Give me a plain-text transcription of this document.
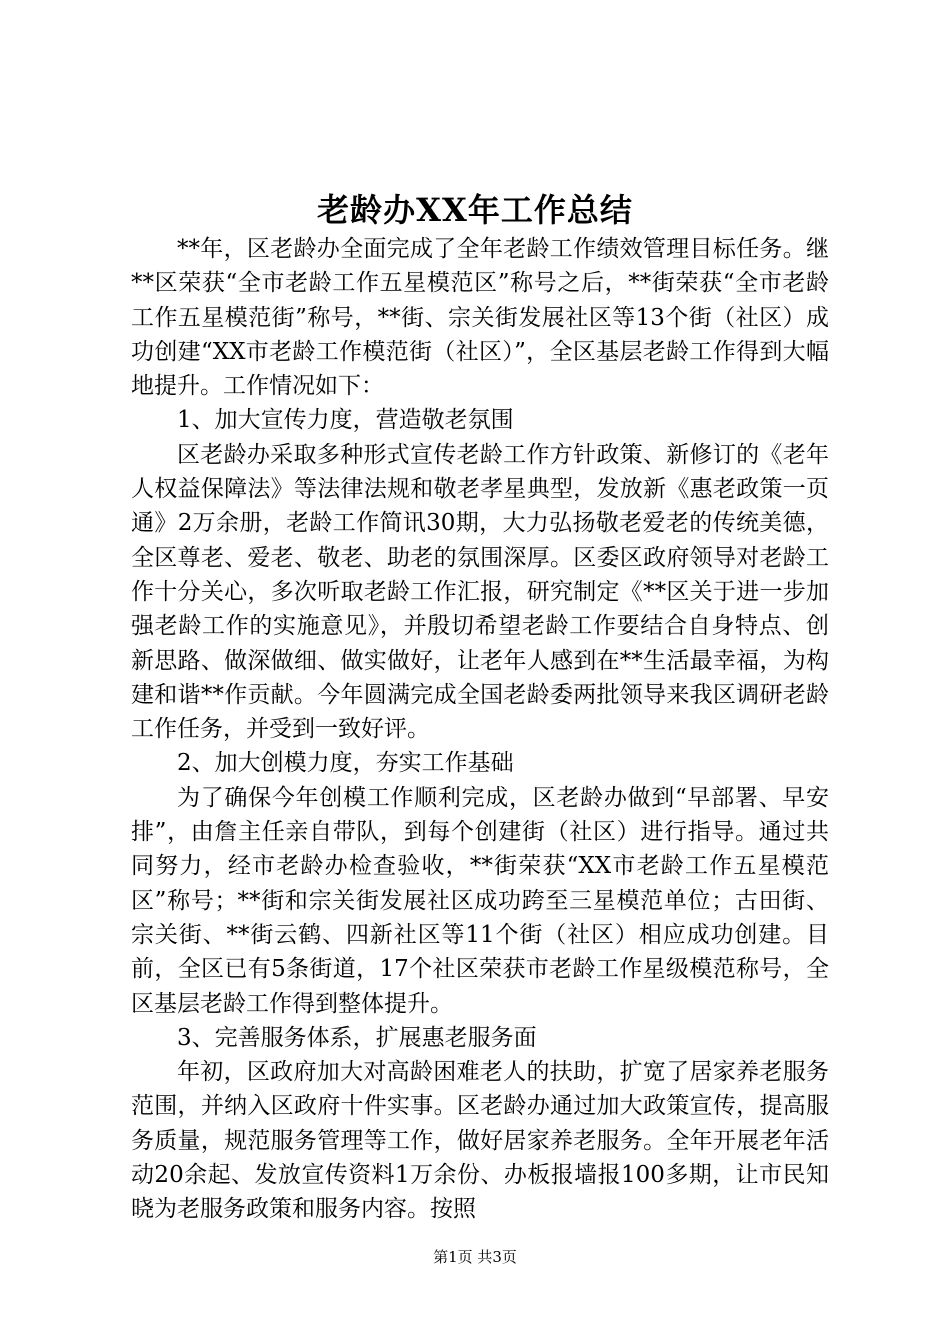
老龄办XX年工作总结

**年，区老龄办全面完成了全年老龄工作绩效管理目标任务。继**区荣获“全市老龄工作五星模范区”称号之后，**街荣获“全市老龄工作五星模范街”称号，**街、宗关街发展社区等13个街（社区）成功创建“XX市老龄工作模范街（社区）”，全区基层老龄工作得到大幅地提升。工作情况如下：

1、加大宣传力度，营造敬老氛围

区老龄办采取多种形式宣传老龄工作方针政策、新修订的《老年人权益保障法》等法律法规和敬老孝星典型，发放新《惠老政策一页通》2万余册，老龄工作简讯30期，大力弘扬敬老爱老的传统美德，全区尊老、爱老、敬老、助老的氛围深厚。区委区政府领导对老龄工作十分关心，多次听取老龄工作汇报，研究制定《**区关于进一步加强老龄工作的实施意见》，并殷切希望老龄工作要结合自身特点、创新思路、做深做细、做实做好，让老年人感到在**生活最幸福，为构建和谐**作贡献。今年圆满完成全国老龄委两批领导来我区调研老龄工作任务，并受到一致好评。

2、加大创模力度，夯实工作基础

为了确保今年创模工作顺利完成，区老龄办做到“早部署、早安排”，由詹主任亲自带队，到每个创建街（社区）进行指导。通过共同努力，经市老龄办检查验收，**街荣获“XX市老龄工作五星模范区”称号；**街和宗关街发展社区成功跨至三星模范单位；古田街、宗关街、**街云鹤、四新社区等11个街（社区）相应成功创建。目前，全区已有5条街道，17个社区荣获市老龄工作星级模范称号，全区基层老龄工作得到整体提升。

3、完善服务体系，扩展惠老服务面

年初，区政府加大对高龄困难老人的扶助，扩宽了居家养老服务范围，并纳入区政府十件实事。区老龄办通过加大政策宣传，提高服务质量，规范服务管理等工作，做好居家养老服务。全年开展老年活动20余起、发放宣传资料1万余份、办板报墙报100多期，让市民知晓为老服务政策和服务内容。按照

第1页 共3页
